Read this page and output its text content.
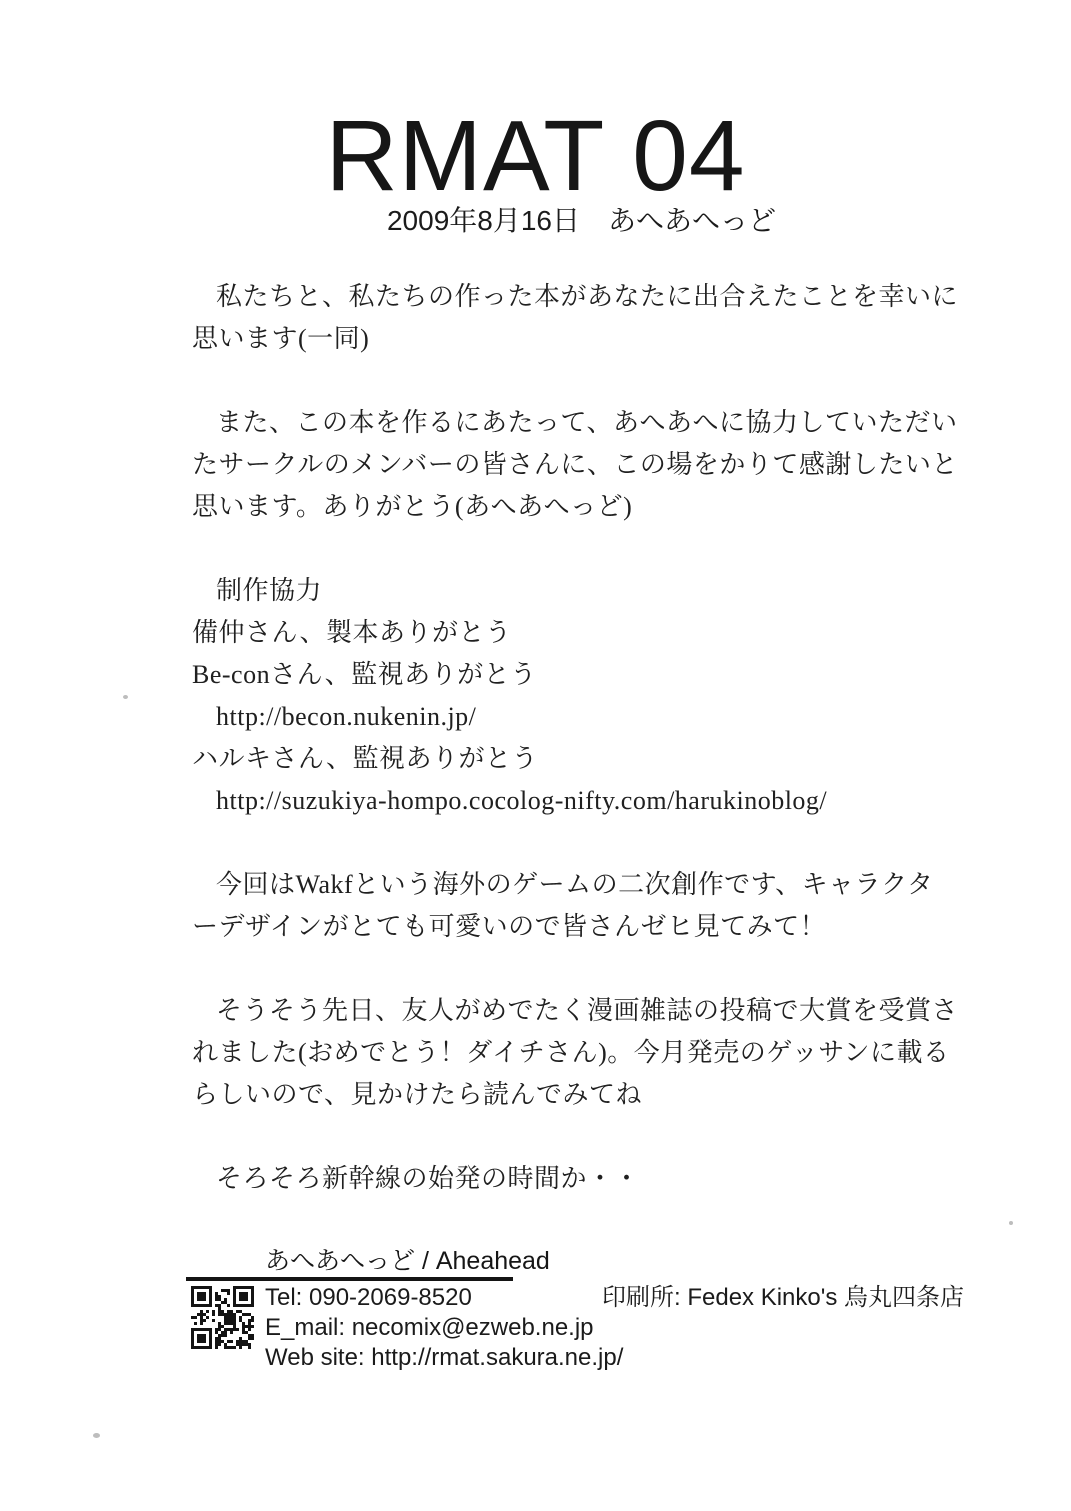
RMAT 04
2009年8月16日　あへあへっど
私たちと、私たちの作った本があなたに出合えたことを幸いに
思います(一同)
また、この本を作るにあたって、あへあへに協力していただい
たサークルのメンバーの皆さんに、この場をかりて感謝したいと
思います。ありがとう(あへあへっど)
制作協力
備仲さん、製本ありがとう
Be-conさん、監視ありがとう
http://becon.nukenin.jp/
ハルキさん、監視ありがとう
http://suzukiya-hompo.cocolog-nifty.com/harukinoblog/
今回はWakfという海外のゲームの二次創作です、キャラクタ
ーデザインがとても可愛いので皆さんゼヒ見てみて！
そうそう先日、友人がめでたく漫画雑誌の投稿で大賞を受賞さ
れました(おめでとう！ダイチさん)。今月発売のゲッサンに載る
らしいので、見かけたら読んでみてね
そろそろ新幹線の始発の時間か・・
あへあへっど / Aheahead
Tel: 090-2069-8520
E_mail: necomix@ezweb.ne.jp
Web site: http://rmat.sakura.ne.jp/
印刷所: Fedex Kinko's 烏丸四条店
